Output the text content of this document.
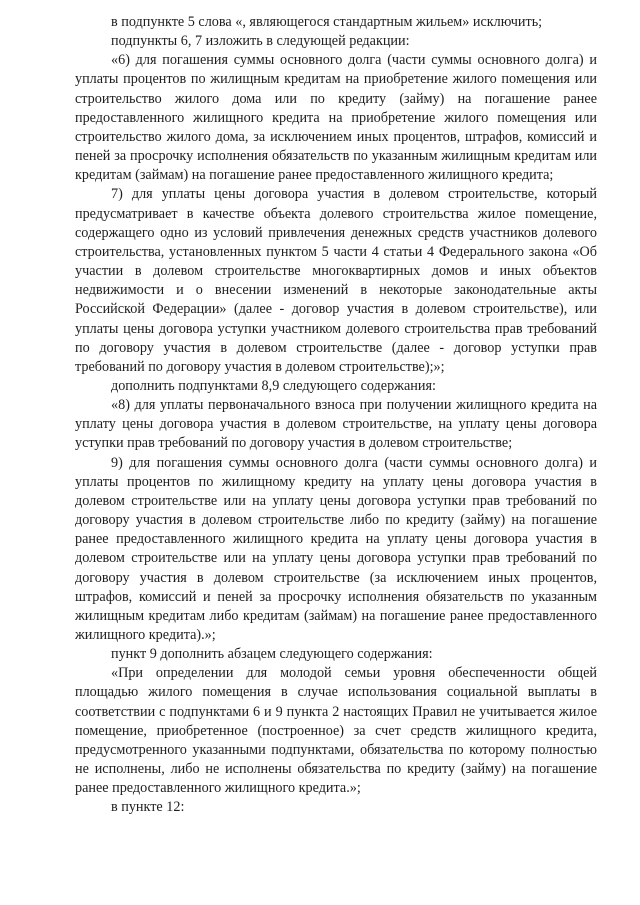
в подпункте 5 слова «, являющегося стандартным жильем» исключить;

подпункты 6, 7 изложить в следующей редакции:

«6) для погашения суммы основного долга (части суммы основного долга) и уплаты процентов по жилищным кредитам на приобретение жилого помещения или строительство жилого дома или по кредиту (займу) на погашение ранее предоставленного жилищного кредита на приобретение жилого помещения или строительство жилого дома, за исключением иных процентов, штрафов, комиссий и пеней за просрочку исполнения обязательств по указанным жилищным кредитам или кредитам (займам) на погашение ранее предоставленного жилищного кредита;

7) для уплаты цены договора участия в долевом строительстве, который предусматривает в качестве объекта долевого строительства жилое помещение, содержащего одно из условий привлечения денежных средств участников долевого строительства, установленных пунктом 5 части 4 статьи 4 Федерального закона «Об участии в долевом строительстве многоквартирных домов и иных объектов недвижимости и о внесении изменений в некоторые законодательные акты Российской Федерации» (далее - договор участия в долевом строительстве), или уплаты цены договора уступки участником долевого строительства прав требований по договору участия в долевом строительстве (далее - договор уступки прав требований по договору участия в долевом строительстве);»;

дополнить подпунктами 8,9 следующего содержания:

«8) для уплаты первоначального взноса при получении жилищного кредита на уплату цены договора участия в долевом строительстве, на уплату цены договора уступки прав требований по договору участия в долевом строительстве;

9) для погашения суммы основного долга (части суммы основного долга) и уплаты процентов по жилищному кредиту на уплату цены договора участия в долевом строительстве или на уплату цены договора уступки прав требований по договору участия в долевом строительстве либо по кредиту (займу) на погашение ранее предоставленного жилищного кредита на уплату цены договора участия в долевом строительстве или на уплату цены договора уступки прав требований по договору участия в долевом строительстве (за исключением иных процентов, штрафов, комиссий и пеней за просрочку исполнения обязательств по указанным жилищным кредитам либо кредитам (займам) на погашение ранее предоставленного жилищного кредита).»;

пункт 9 дополнить абзацем следующего содержания:

«При определении для молодой семьи уровня обеспеченности общей площадью жилого помещения в случае использования социальной выплаты в соответствии с подпунктами 6 и 9 пункта 2 настоящих Правил не учитывается жилое помещение, приобретенное (построенное) за счет средств жилищного кредита, предусмотренного указанными подпунктами, обязательства по которому полностью не исполнены, либо не исполнены обязательства по кредиту (займу) на погашение ранее предоставленного жилищного кредита.»;

в пункте 12:
